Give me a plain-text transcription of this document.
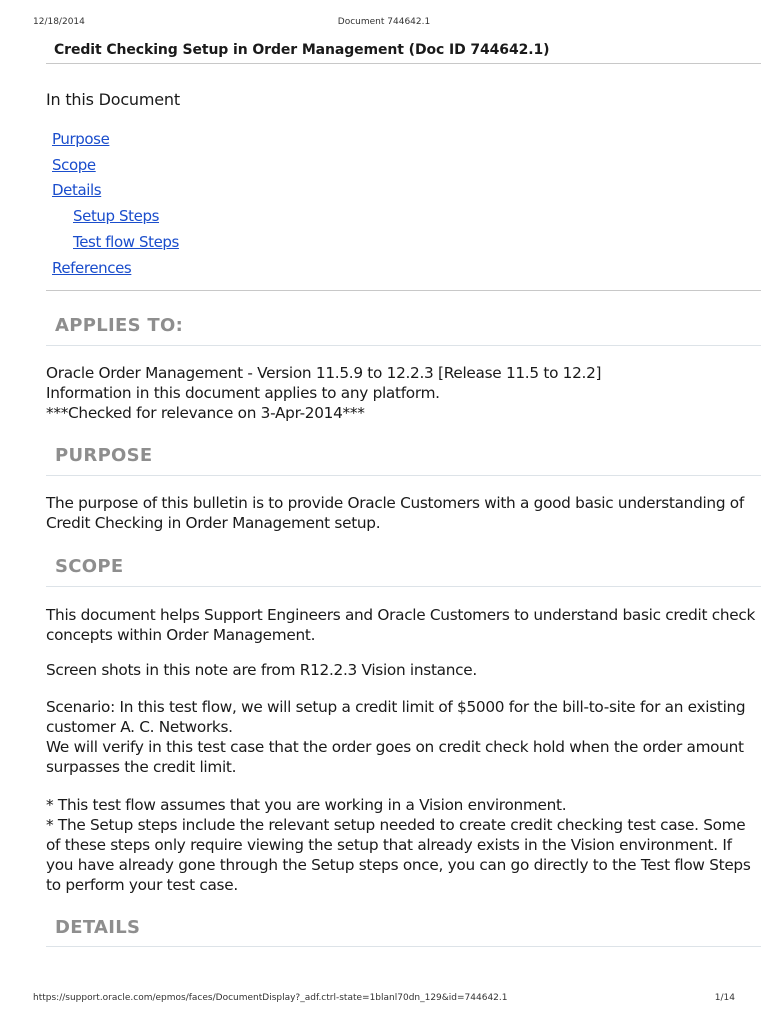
12/18/2014	Document 744642.1
Credit Checking Setup in Order Management (Doc ID 744642.1)
In this Document
Purpose
Scope
Details
Setup Steps
Test flow Steps
References
APPLIES TO:
Oracle Order Management - Version 11.5.9 to 12.2.3 [Release 11.5 to 12.2]
Information in this document applies to any platform.
***Checked for relevance on 3-Apr-2014***
PURPOSE
The purpose of this bulletin is to provide Oracle Customers with a good basic understanding of
Credit Checking in Order Management setup.
SCOPE
This document helps Support Engineers and Oracle Customers to understand basic credit check
concepts within Order Management.
Screen shots in this note are from R12.2.3 Vision instance.
Scenario: In this test flow, we will setup a credit limit of $5000 for the bill-to-site for an existing
customer A. C. Networks.
We will verify in this test case that the order goes on credit check hold when the order amount
surpasses the credit limit.
* This test flow assumes that you are working in a Vision environment.
* The Setup steps include the relevant setup needed to create credit checking test case. Some
of these steps only require viewing the setup that already exists in the Vision environment. If
you have already gone through the Setup steps once, you can go directly to the Test flow Steps
to perform your test case.
DETAILS
https://support.oracle.com/epmos/faces/DocumentDisplay?_adf.ctrl-state=1blanl70dn_129&id=744642.1	1/14
